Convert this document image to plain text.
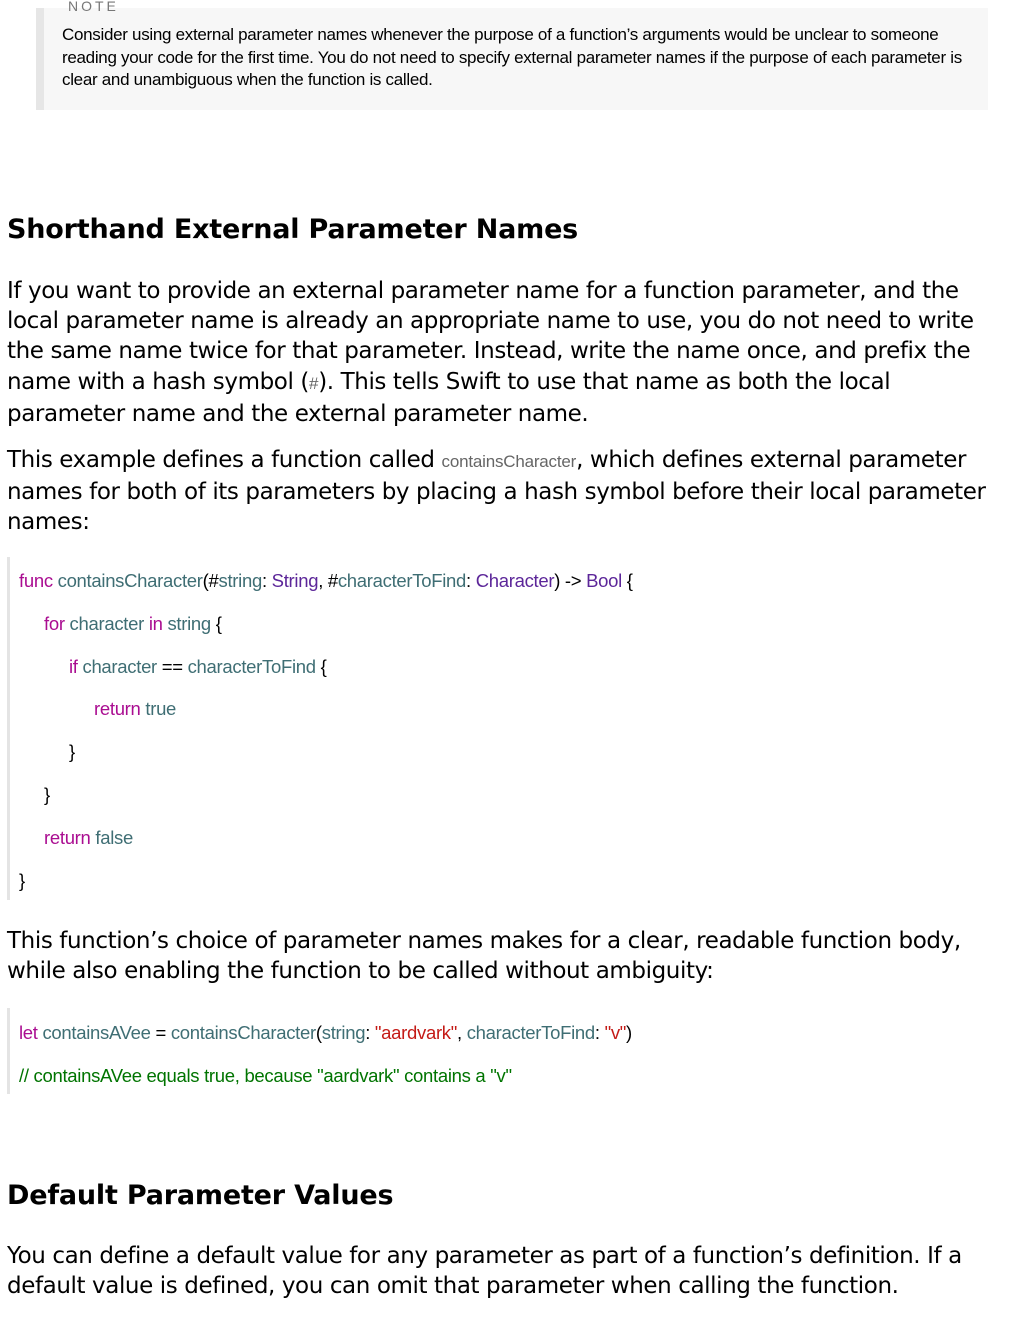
NOTE

Consider using external parameter names whenever the purpose of a function’s arguments would be unclear to someone reading your code for the first time. You do not need to specify external parameter names if the purpose of each parameter is clear and unambiguous when the function is called.

Shorthand External Parameter Names

If you want to provide an external parameter name for a function parameter, and the local parameter name is already an appropriate name to use, you do not need to write the same name twice for that parameter. Instead, write the name once, and prefix the name with a hash symbol (#). This tells Swift to use that name as both the local parameter name and the external parameter name.

This example defines a function called containsCharacter, which defines external parameter names for both of its parameters by placing a hash symbol before their local parameter names:

func containsCharacter(#string: String, #characterToFind: Character) -> Bool {
for character in string {
if character == characterToFind {
return true
}
}
return false
}

This function’s choice of parameter names makes for a clear, readable function body, while also enabling the function to be called without ambiguity:

let containsAVee = containsCharacter(string: "aardvark", characterToFind: "v")
// containsAVee equals true, because "aardvark" contains a "v"
Default Parameter Values

You can define a default value for any parameter as part of a function’s definition. If a default value is defined, you can omit that parameter when calling the function.
